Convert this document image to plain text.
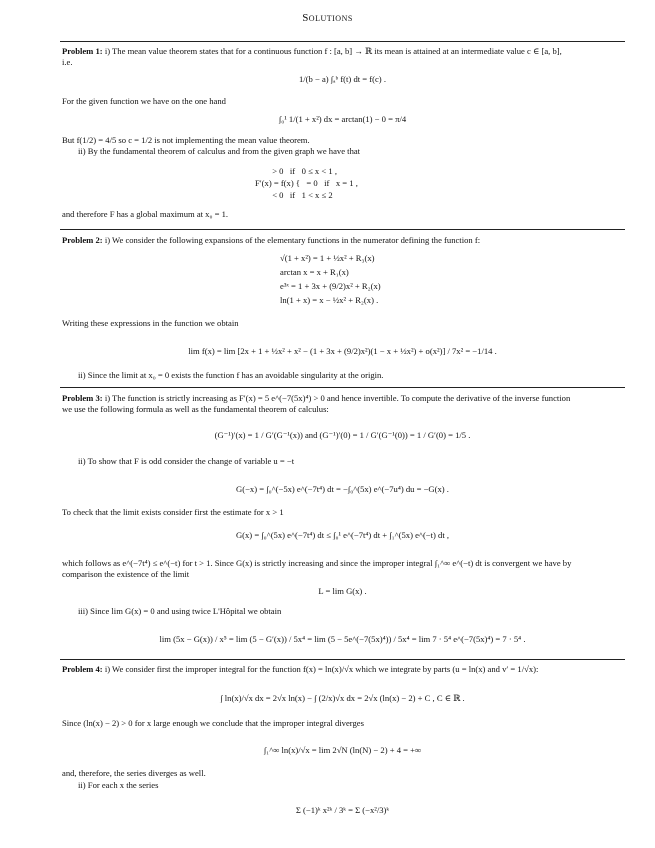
Solutions
Problem 1: i) The mean value theorem states that for a continuous function f : [a, b] → ℝ its mean is attained at an intermediate value c ∈ [a, b],
i.e.
1/(b − a) ∫ₐᵇ f(t) dt = f(c) .
For the given function we have on the one hand
∫₀¹ 1/(1 + x²) dx = arctan(1) − 0 = π/4
But f(1/2) = 4/5 so c = 1/2 is not implementing the mean value theorem.
ii) By the fundamental theorem of calculus and from the given graph we have that
> 0   if   0 ≤ x < 1 ,
F′(x) = f(x) {   = 0   if   x = 1 ,
< 0   if   1 < x ≤ 2
and therefore F has a global maximum at x₀ = 1.
Problem 2: i) We consider the following expansions of the elementary functions in the numerator defining the function f:
√(1 + x²) = 1 + ½x² + R₃(x)
arctan x = x + R₁(x)
e³ˣ = 1 + 3x + (9/2)x² + R₂(x)
ln(1 + x) = x − ½x² + R₂(x) .
Writing these expressions in the function we obtain
lim f(x) = lim [2x + 1 + ½x² + x² − (1 + 3x + (9/2)x²)(1 − x + ½x²) + o(x²)] / 7x² = −1/14 .
ii) Since the limit at x₀ = 0 exists the function f has an avoidable singularity at the origin.
Problem 3: i) The function is strictly increasing as F′(x) = 5 e^(−7(5x)⁴) > 0 and hence invertible. To compute the derivative of the inverse function
we use the following formula as well as the fundamental theorem of calculus:
(G⁻¹)′(x) = 1 / G′(G⁻¹(x)) and (G⁻¹)′(0) = 1 / G′(G⁻¹(0)) = 1 / G′(0) = 1/5 .
ii) To show that F is odd consider the change of variable u = −t
G(−x) = ∫₀^(−5x) e^(−7t⁴) dt = −∫₀^(5x) e^(−7u⁴) du = −G(x) .
To check that the limit exists consider first the estimate for x > 1
G(x) = ∫₀^(5x) e^(−7t⁴) dt ≤ ∫₀¹ e^(−7t⁴) dt + ∫₁^(5x) e^(−t) dt ,
which follows as e^(−7t⁴) ≤ e^(−t) for t > 1. Since G(x) is strictly increasing and since the improper integral ∫₁^∞ e^(−t) dt is convergent we have by
comparison the existence of the limit
L = lim G(x) .
iii) Since lim G(x) = 0 and using twice L'Hôpital we obtain
lim (5x − G(x)) / x⁵ = lim (5 − G′(x)) / 5x⁴ = lim (5 − 5e^(−7(5x)⁴)) / 5x⁴ = lim 7 · 5⁴ e^(−7(5x)⁴) = 7 · 5⁴ .
Problem 4: i) We consider first the improper integral for the function f(x) = ln(x)/√x which we integrate by parts (u = ln(x) and v′ = 1/√x):
∫ ln(x)/√x dx = 2√x ln(x) − ∫ (2/x)√x dx = 2√x (ln(x) − 2) + C , C ∈ ℝ .
Since (ln(x) − 2) > 0 for x large enough we conclude that the improper integral diverges
∫₁^∞ ln(x)/√x = lim 2√N (ln(N) − 2) + 4 = +∞
and, therefore, the series diverges as well.
ii) For each x the series
Σ (−1)ᵏ x²ᵏ / 3ᵏ = Σ (−x²/3)ᵏ
